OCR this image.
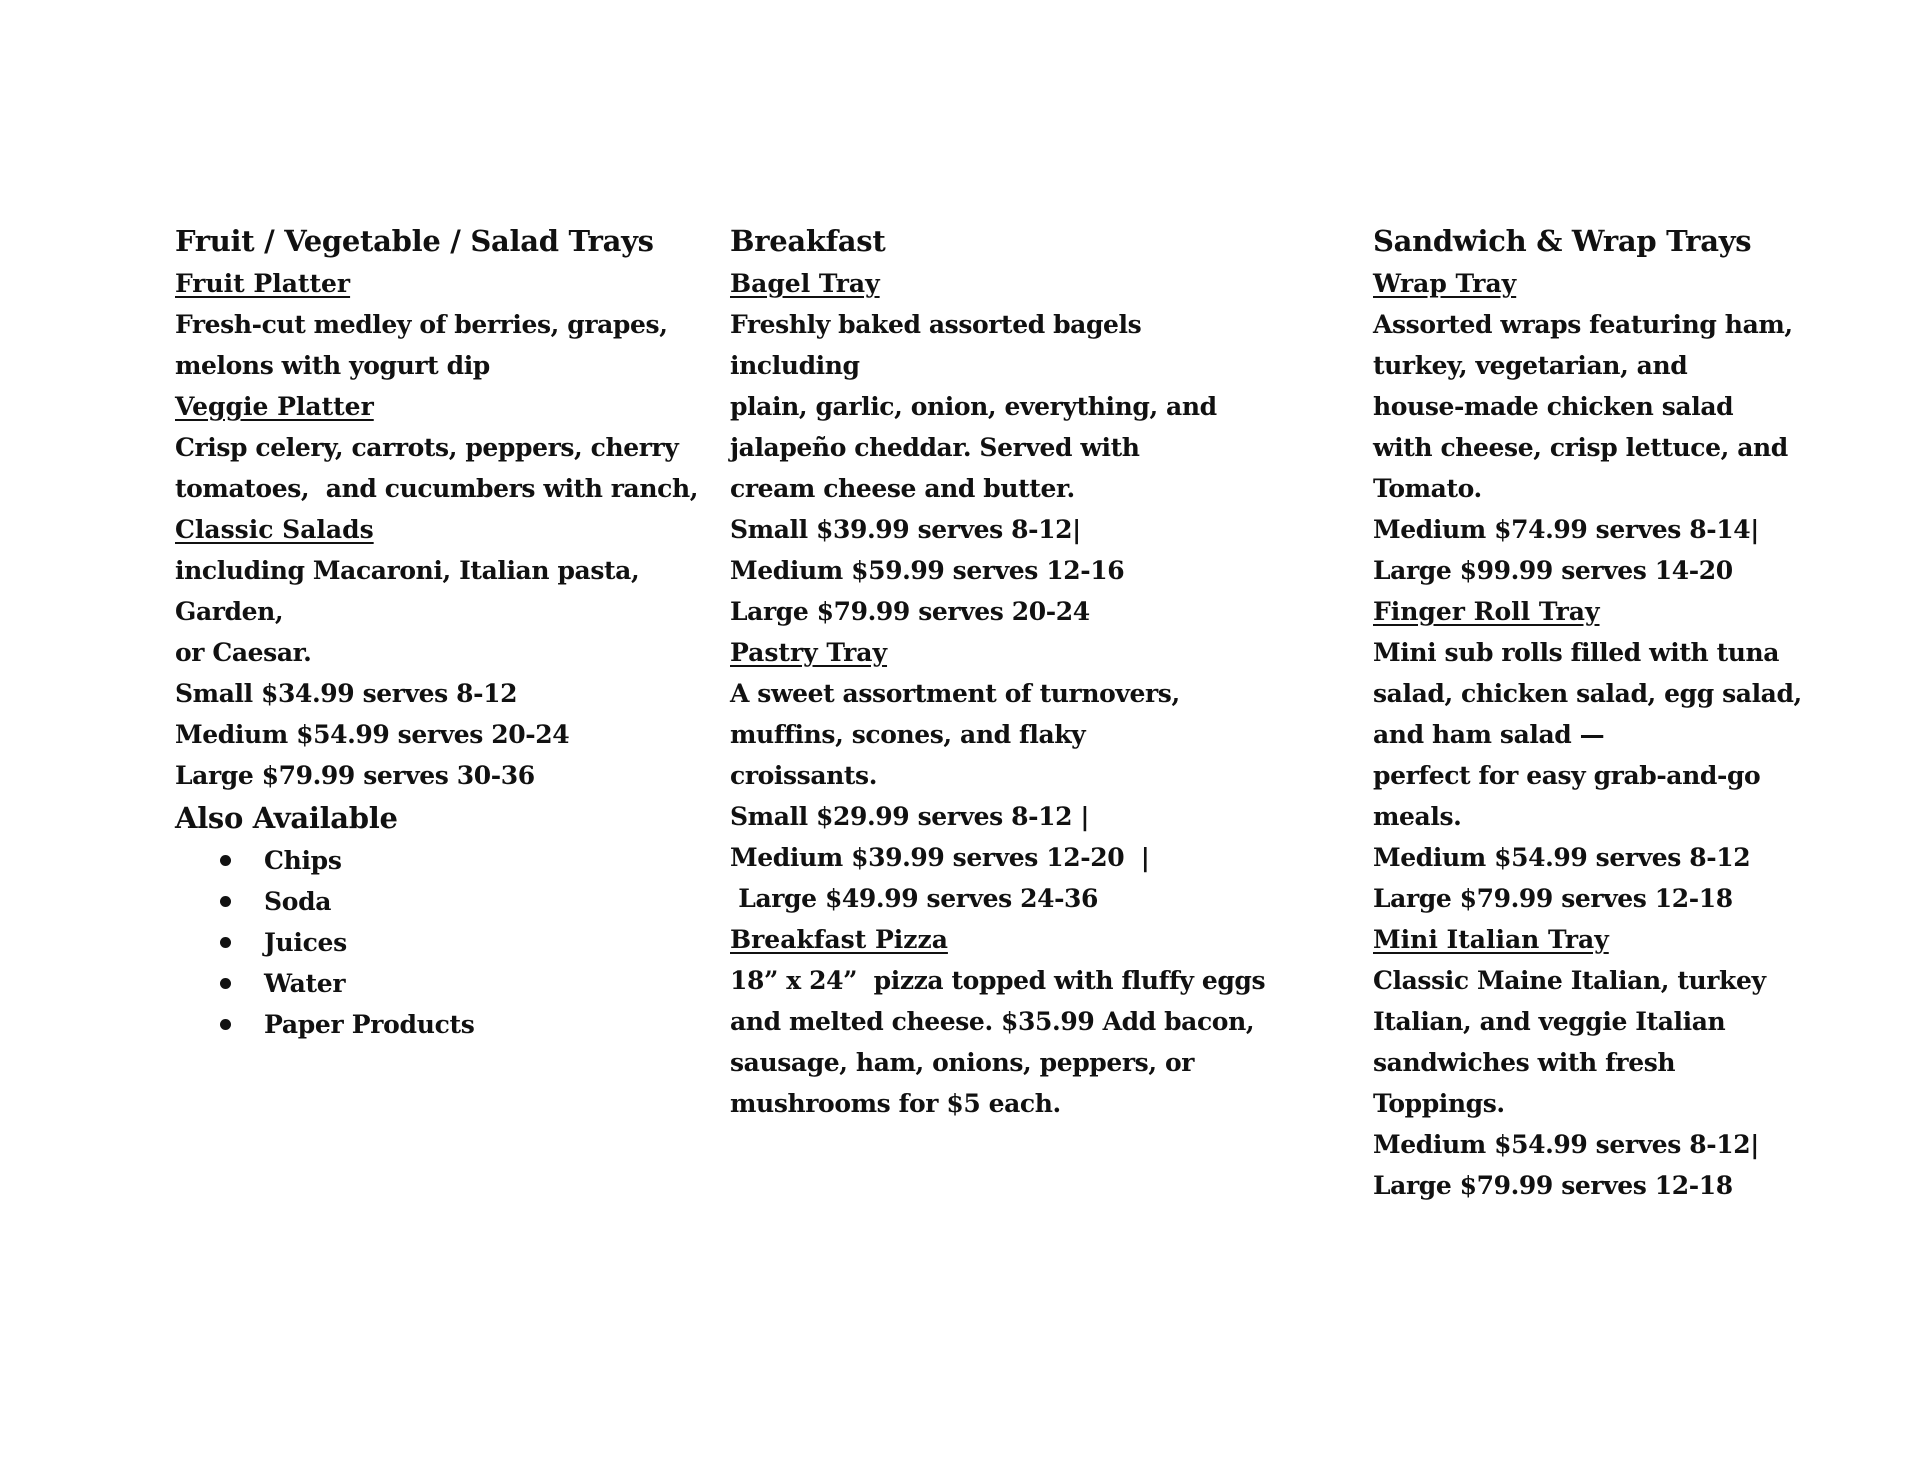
Fruit / Vegetable / Salad Trays
Fruit Platter
Fresh-cut medley of berries, grapes,
melons with yogurt dip
Veggie Platter
Crisp celery, carrots, peppers, cherry
tomatoes,  and cucumbers with ranch,
Classic Salads
including Macaroni, Italian pasta,
Garden,
or Caesar.
Small $34.99 serves 8-12
Medium $54.99 serves 20-24
Large $79.99 serves 30-36
Also Available
Chips
Soda
Juices
Water
Paper Products
Breakfast
Bagel Tray
Freshly baked assorted bagels
including
plain, garlic, onion, everything, and
jalapeño cheddar. Served with
cream cheese and butter.
Small $39.99 serves 8-12|
Medium $59.99 serves 12-16
Large $79.99 serves 20-24
Pastry Tray
A sweet assortment of turnovers,
muffins, scones, and flaky
croissants.
Small $29.99 serves 8-12 |
Medium $39.99 serves 12-20  |
Large $49.99 serves 24-36
Breakfast Pizza
18” x 24”  pizza topped with fluffy eggs
and melted cheese. $35.99 Add bacon,
sausage, ham, onions, peppers, or
mushrooms for $5 each.
Sandwich & Wrap Trays
Wrap Tray
Assorted wraps featuring ham,
turkey, vegetarian, and
house-made chicken salad
with cheese, crisp lettuce, and
Tomato.
Medium $74.99 serves 8-14|
Large $99.99 serves 14-20
Finger Roll Tray
Mini sub rolls filled with tuna
salad, chicken salad, egg salad,
and ham salad —
perfect for easy grab-and-go
meals.
Medium $54.99 serves 8-12
Large $79.99 serves 12-18
Mini Italian Tray
Classic Maine Italian, turkey
Italian, and veggie Italian
sandwiches with fresh
Toppings.
Medium $54.99 serves 8-12|
Large $79.99 serves 12-18
